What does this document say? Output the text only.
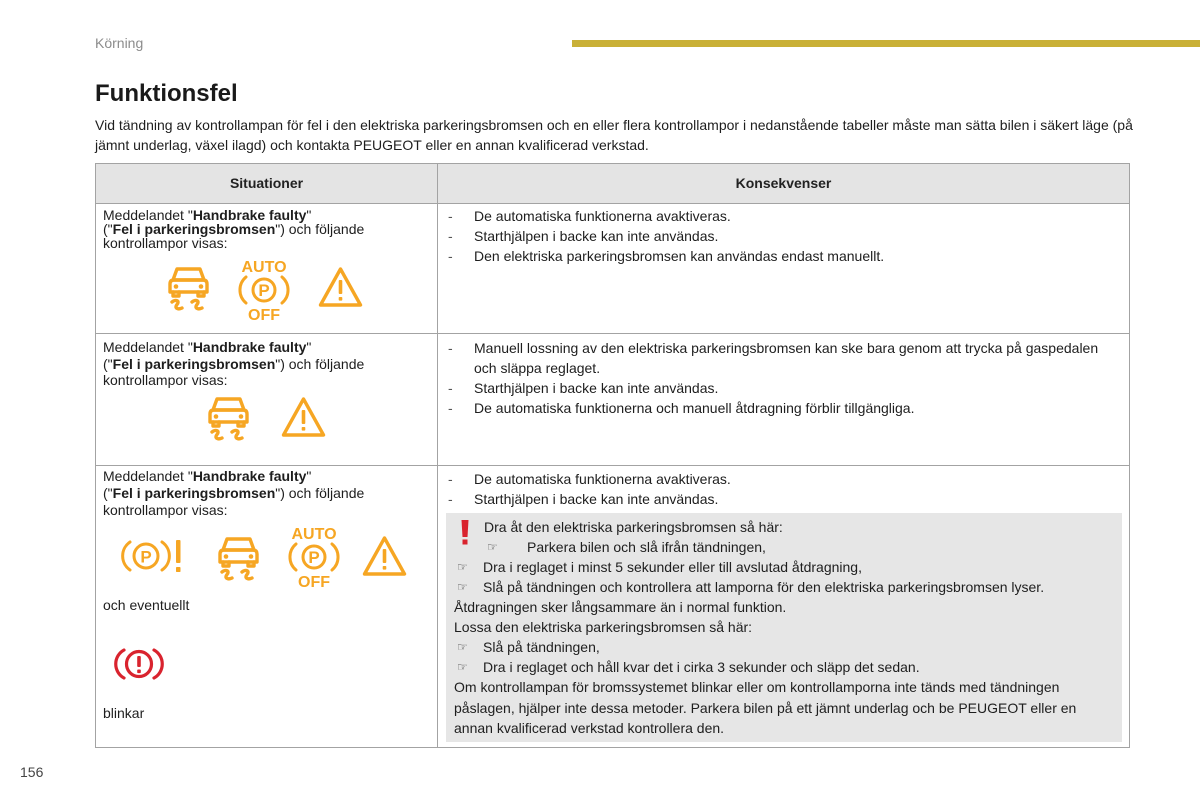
Körning
Funktionsfel

Vid tändning av kontrollampan för fel i den elektriska parkeringsbromsen och en eller flera kontrollampor i nedanstående tabeller måste man sätta bilen i säkert läge (på jämnt underlag, växel ilagd) och kontakta PEUGEOT eller en annan kvalificerad verkstad.

Situationer	Konsekvenser
Meddelandet "Handbrake faulty"
("Fel i parkeringsbromsen") och följande
kontrollampor visas:
AUTO
P
OFF
- De automatiska funktionerna avaktiveras.
- Starthjälpen i backe kan inte användas.
- Den elektriska parkeringsbromsen kan användas endast manuellt.
Meddelandet "Handbrake faulty"
("Fel i parkeringsbromsen") och följande
kontrollampor visas:
- Manuell lossning av den elektriska parkeringsbromsen kan ske bara genom att trycka på gaspedalen och släppa reglaget.
- Starthjälpen i backe kan inte användas.
- De automatiska funktionerna och manuell åtdragning förblir tillgängliga.
Meddelandet "Handbrake faulty"
("Fel i parkeringsbromsen") och följande
kontrollampor visas:
P
AUTO
P
OFF
och eventuellt
blinkar
- De automatiska funktionerna avaktiveras.
- Starthjälpen i backe kan inte användas.
Dra åt den elektriska parkeringsbromsen så här:
☞
Parkera bilen och slå ifrån tändningen,
☞
Dra i reglaget i minst 5 sekunder eller till avslutad åtdragning,
☞
Slå på tändningen och kontrollera att lamporna för den elektriska parkeringsbromsen lyser.
Åtdragningen sker långsammare än i normal funktion.
Lossa den elektriska parkeringsbromsen så här:
☞
Slå på tändningen,
☞
Dra i reglaget och håll kvar det i cirka 3 sekunder och släpp det sedan.
Om kontrollampan för bromssystemet blinkar eller om kontrollamporna inte tänds med tändningen påslagen, hjälper inte dessa metoder. Parkera bilen på ett jämnt underlag och be PEUGEOT eller en annan kvalificerad verkstad kontrollera den.
156
